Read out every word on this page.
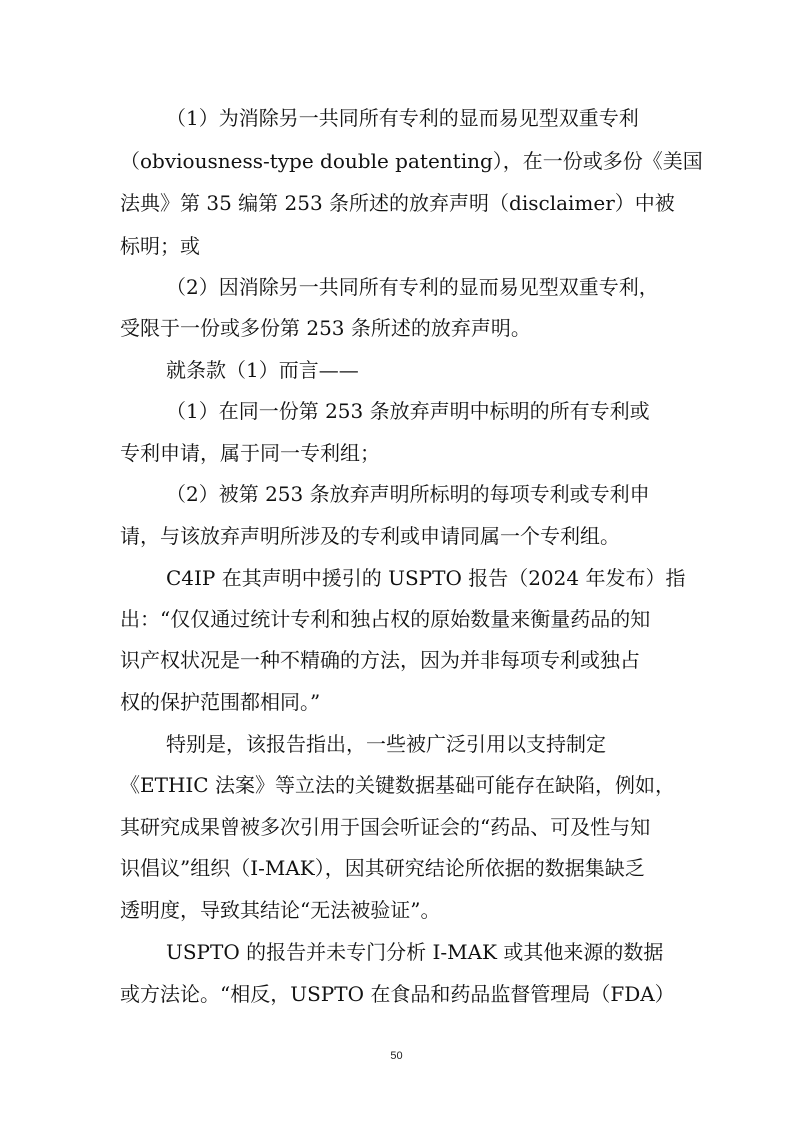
（1）为消除另一共同所有专利的显而易见型双重专利
（obviousness-type double patenting），在一份或多份《美国
法典》第 35 编第 253 条所述的放弃声明（disclaimer）中被
标明；或
（2）因消除另一共同所有专利的显而易见型双重专利，
受限于一份或多份第 253 条所述的放弃声明。
就条款（1）而言——
（1）在同一份第 253 条放弃声明中标明的所有专利或
专利申请，属于同一专利组；
（2）被第 253 条放弃声明所标明的每项专利或专利申
请，与该放弃声明所涉及的专利或申请同属一个专利组。
C4IP 在其声明中援引的 USPTO 报告（2024 年发布）指
出：“仅仅通过统计专利和独占权的原始数量来衡量药品的知
识产权状况是一种不精确的方法，因为并非每项专利或独占
权的保护范围都相同。”
特别是，该报告指出，一些被广泛引用以支持制定
《ETHIC 法案》等立法的关键数据基础可能存在缺陷，例如，
其研究成果曾被多次引用于国会听证会的“药品、可及性与知
识倡议”组织（I-MAK），因其研究结论所依据的数据集缺乏
透明度，导致其结论“无法被验证”。
USPTO 的报告并未专门分析 I-MAK 或其他来源的数据
或方法论。“相反，USPTO 在食品和药品监督管理局（FDA）
50
